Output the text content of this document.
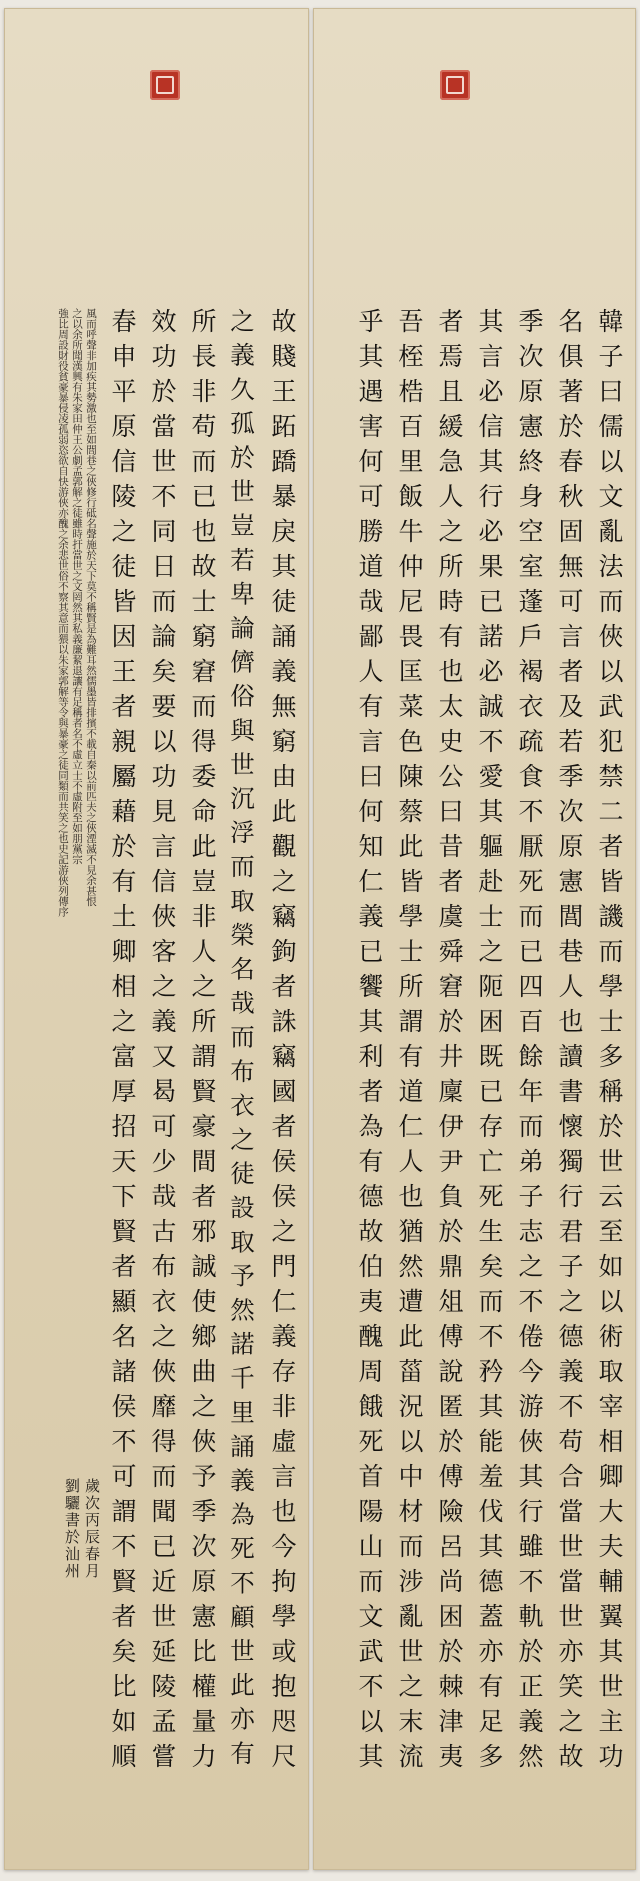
韓子曰儒以文亂法而俠以武犯禁二者皆譏而學士多稱於世云至如以術取宰相卿大夫輔翼其世主功
名俱著於春秋固無可言者及若季次原憲閭巷人也讀書懷獨行君子之德義不苟合當世當世亦笑之故
季次原憲終身空室蓬戶褐衣疏食不厭死而已四百餘年而弟子志之不倦今游俠其行雖不軌於正義然
其言必信其行必果已諾必誠不愛其軀赴士之阨困既已存亡死生矣而不矜其能羞伐其德蓋亦有足多
者焉且緩急人之所時有也太史公曰昔者虞舜窘於井廩伊尹負於鼎俎傅說匿於傅險呂尚困於棘津夷
吾桎梏百里飯牛仲尼畏匡菜色陳蔡此皆學士所謂有道仁人也猶然遭此菑況以中材而涉亂世之末流
乎其遇害何可勝道哉鄙人有言曰何知仁義已饗其利者為有德故伯夷醜周餓死首陽山而文武不以其
故賤王跖蹻暴戾其徒誦義無窮由此觀之竊鉤者誅竊國者侯侯之門仁義存非虛言也今拘學或抱咫尺
之義久孤於世豈若卑論儕俗與世沉浮而取榮名哉而布衣之徒設取予然諾千里誦義為死不顧世此亦有
所長非苟而已也故士窮窘而得委命此豈非人之所謂賢豪間者邪誠使鄉曲之俠予季次原憲比權量力
效功於當世不同日而論矣要以功見言信俠客之義又曷可少哉古布衣之俠靡得而聞已近世延陵孟嘗
春申平原信陵之徒皆因王者親屬藉於有土卿相之富厚招天下賢者顯名諸侯不可謂不賢者矣比如順
風而呼聲非加疾其勢激也至如閭巷之俠修行砥名聲施於天下莫不稱賢是為難耳然儒墨皆排擯不載自秦以前匹夫之俠湮滅不見余甚恨
之以余所聞漢興有朱家田仲王公劇孟郭解之徒雖時扞當世之文罔然其私義廉絜退讓有足稱者名不虛立士不虛附至如朋黨宗
強比周設財役貧豪暴侵凌孤弱恣欲自快游俠亦醜之余悲世俗不察其意而猥以朱家郭解等令與暴豪之徒同類而共笑之也史記游俠列傳序
歲次丙辰春月
劉驪書於汕州
